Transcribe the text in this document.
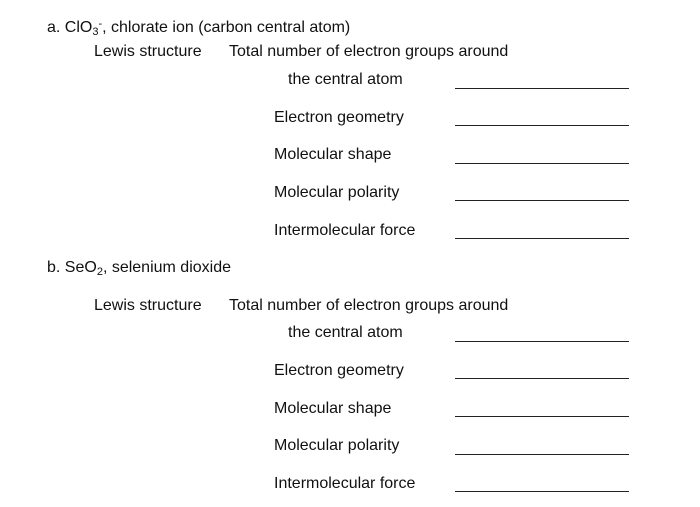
a. ClO$_3$-, chlorate ion (carbon central atom)
Lewis structure Total number of electron groups around
the central atom
Electron geometry
Molecular shape
Molecular polarity
Intermolecular force
b. SeO$_2$, selenium dioxide
Lewis structure Total number of electron groups around
the central atom
Electron geometry
Molecular shape
Molecular polarity
Intermolecular force
